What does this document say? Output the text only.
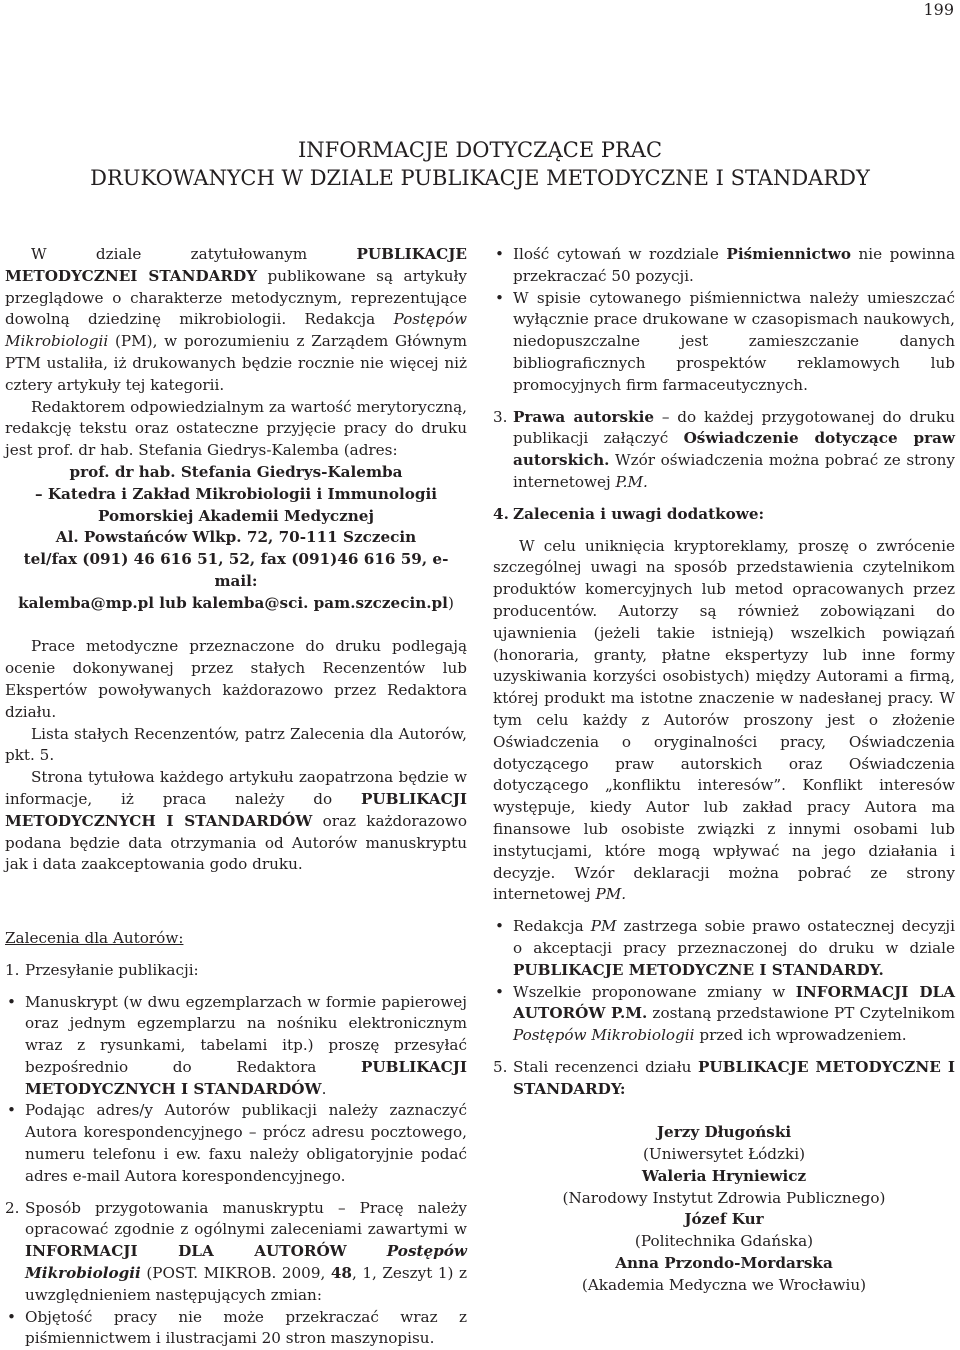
199
INFORMACJE DOTYCZĄCE PRAC
DRUKOWANYCH W DZIALE PUBLIKACJE METODYCZNE I STANDARDY

W dziale zatytułowanym PUBLIKACJE METODYCZNEI STANDARDY publikowane są artykuły przeglądowe o charakterze metodycznym, reprezentujące dowolną dziedzinę mikrobiologii. Redakcja Postępów Mikrobiologii (PM), w porozumieniu z Zarządem Głównym PTM ustaliła, iż drukowanych będzie rocznie nie więcej niż cztery artykuły tej kategorii.

Redaktorem odpowiedzialnym za wartość merytoryczną, redakcję tekstu oraz ostateczne przyjęcie pracy do druku jest prof. dr hab. Stefania Giedrys-Kalemba (adres:

prof. dr hab. Stefania Giedrys-Kalemba
– Katedra i Zakład Mikrobiologii i Immunologii
Pomorskiej Akademii Medycznej
Al. Powstańców Wlkp. 72, 70-111 Szczecin
tel/fax (091) 46 616 51, 52, fax (091)46 616 59, e-mail:
kalemba@mp.pl lub kalemba@sci. pam.szczecin.pl)

Prace metodyczne przeznaczone do druku podlegają ocenie dokonywanej przez stałych Recenzentów lub Ekspertów powoływanych każdorazowo przez Redaktora działu.

Lista stałych Recenzentów, patrz Zalecenia dla Autorów, pkt. 5.

Strona tytułowa każdego artykułu zaopatrzona będzie w informacje, iż praca należy do PUBLIKACJI METODYCZNYCH I STANDARDÓW oraz każdorazowo podana będzie data otrzymania od Autorów manuskryptu jak i data zaakceptowania godo druku.

Zalecenia dla Autorów:

1. Przesyłanie publikacji:
• Manuskrypt (w dwu egzemplarzach w formie papierowej oraz jednym egzemplarzu na nośniku elektronicznym wraz z rysunkami, tabelami itp.) proszę przesyłać bezpośrednio do Redaktora PUBLIKACJI METODYCZNYCH I STANDARDÓW.
• Podając adres/y Autorów publikacji należy zaznaczyć Autora korespondencyjnego – prócz adresu pocztowego, numeru telefonu i ew. faxu należy obligatoryjnie podać adres e-mail Autora korespondencyjnego.
2. Sposób przygotowania manuskryptu – Pracę należy opracować zgodnie z ogólnymi zaleceniami zawartymi w INFORMACJI DLA AUTORÓW	Postępów Mikrobiologii (POST. MIKROB. 2009, 48, 1, Zeszyt 1) z uwzględnieniem następujących zmian:
• Objętość pracy nie może przekraczać wraz z piśmiennictwem i ilustracjami 20 stron maszynopisu.
• Ilość cytowań w rozdziale Piśmiennictwo nie powinna przekraczać 50 pozycji.
• W spisie cytowanego piśmiennictwa należy umieszczać wyłącznie prace drukowane w czasopismach naukowych, niedopuszczalne jest zamieszczanie danych bibliograficznych prospektów reklamowych lub promocyjnych firm farmaceutycznych.
3. Prawa autorskie – do każdej przygotowanej do druku publikacji załączyć Oświadczenie dotyczące praw autorskich. Wzór oświadczenia można pobrać ze strony internetowej P.M.
4. Zalecenia i uwagi dodatkowe:

W celu uniknięcia kryptoreklamy, proszę o zwrócenie szczególnej uwagi na sposób przedstawienia czytelnikom produktów komercyjnych lub metod opracowanych przez producentów. Autorzy są również zobowiązani do ujawnienia (jeżeli takie istnieją) wszelkich powiązań (honoraria, granty, płatne ekspertyzy lub inne formy uzyskiwania korzyści osobistych) między Autorami a firmą, której produkt ma istotne znaczenie w nadesłanej pracy. W tym celu każdy z Autorów proszony jest o złożenie Oświadczenia o oryginalności pracy, Oświadczenia dotyczącego praw autorskich oraz Oświadczenia dotyczącego „konfliktu interesów”. Konflikt interesów występuje, kiedy Autor lub zakład pracy Autora ma finansowe lub osobiste związki z innymi osobami lub instytucjami, które mogą wpływać na jego działania i decyzje. Wzór deklaracji można pobrać ze strony internetowej PM.

• Redakcja PM zastrzega sobie prawo ostatecznej decyzji o akceptacji pracy przeznaczonej do druku w dziale PUBLIKACJE METODYCZNE I STANDARDY.
• Wszelkie proponowane zmiany w INFORMACJI DLA AUTORÓW P.M. zostaną przedstawione PT Czytelnikom Postępów Mikrobiologii przed ich wprowadzeniem.
5. Stali recenzenci działu PUBLIKACJE METODYCZNE I STANDARDY:
Jerzy Długoński
(Uniwersytet Łódzki)
Waleria Hryniewicz
(Narodowy Instytut Zdrowia Publicznego)
Józef Kur
(Politechnika Gdańska)
Anna Przondo-Mordarska
(Akademia Medyczna we Wrocławiu)
